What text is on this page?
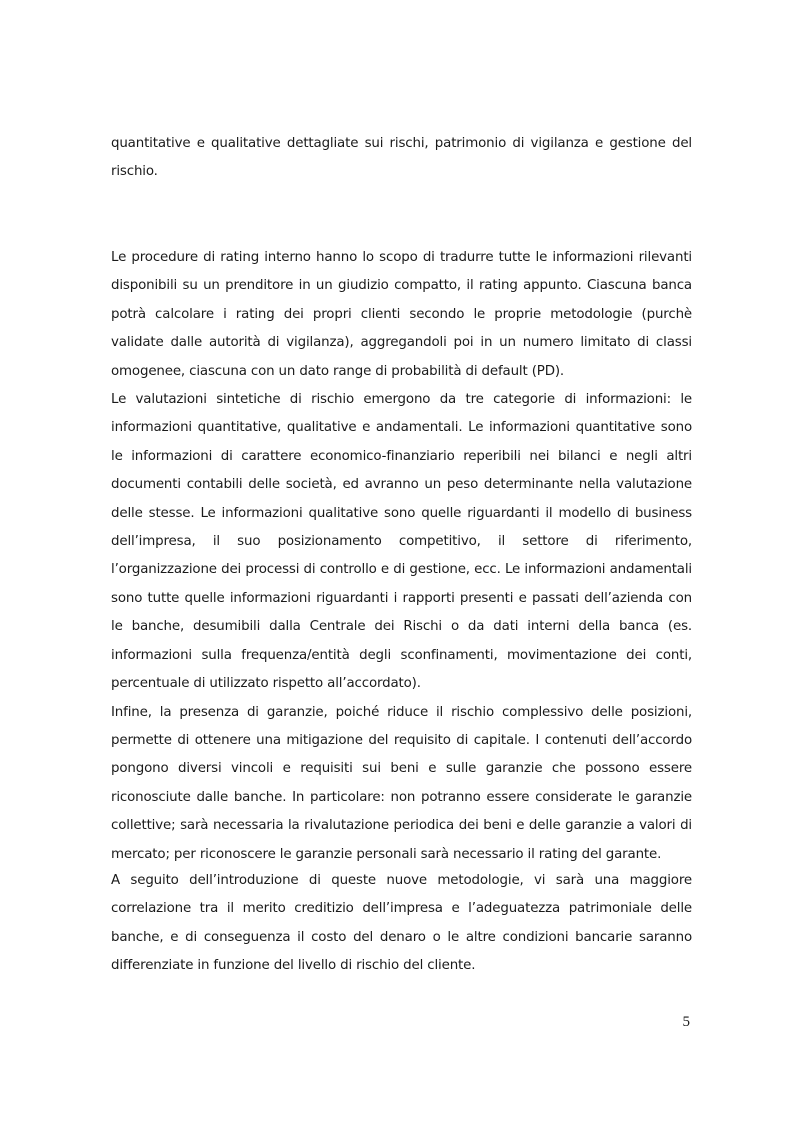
quantitative e qualitative dettagliate sui rischi, patrimonio di vigilanza e gestione del rischio.

Le procedure di rating interno hanno lo scopo di tradurre tutte le informazioni rilevanti disponibili su un prenditore in un giudizio compatto, il rating appunto. Ciascuna banca potrà calcolare i rating dei propri clienti secondo le proprie metodologie (purchè validate dalle autorità di vigilanza), aggregandoli poi in un numero limitato di classi omogenee, ciascuna con un dato range di probabilità di default (PD).

Le valutazioni sintetiche di rischio emergono da tre categorie di informazioni: le informazioni quantitative, qualitative e andamentali. Le informazioni quantitative sono le informazioni di carattere economico-finanziario reperibili nei bilanci e negli altri documenti contabili delle società, ed avranno un peso determinante nella valutazione delle stesse. Le informazioni qualitative sono quelle riguardanti il modello di business dell’impresa, il suo posizionamento competitivo, il settore di riferimento, l’organizzazione dei processi di controllo e di gestione, ecc. Le informazioni andamentali sono tutte quelle informazioni riguardanti i rapporti presenti e passati dell’azienda con le banche, desumibili dalla Centrale dei Rischi o da dati interni della banca (es. informazioni sulla frequenza/entità degli sconfinamenti, movimentazione dei conti, percentuale di utilizzato rispetto all’accordato).

Infine, la presenza di garanzie, poiché riduce il rischio complessivo delle posizioni, permette di ottenere una mitigazione del requisito di capitale. I contenuti dell’accordo pongono diversi vincoli e requisiti sui beni e sulle garanzie che possono essere riconosciute dalle banche. In particolare: non potranno essere considerate le garanzie collettive; sarà necessaria la rivalutazione periodica dei beni e delle garanzie a valori di mercato; per riconoscere le garanzie personali sarà necessario il rating del garante.

A seguito dell’introduzione di queste nuove metodologie, vi sarà una maggiore correlazione tra il merito creditizio dell’impresa e l’adeguatezza patrimoniale delle banche, e di conseguenza il costo del denaro o le altre condizioni bancarie saranno differenziate in funzione del livello di rischio del cliente.

5
